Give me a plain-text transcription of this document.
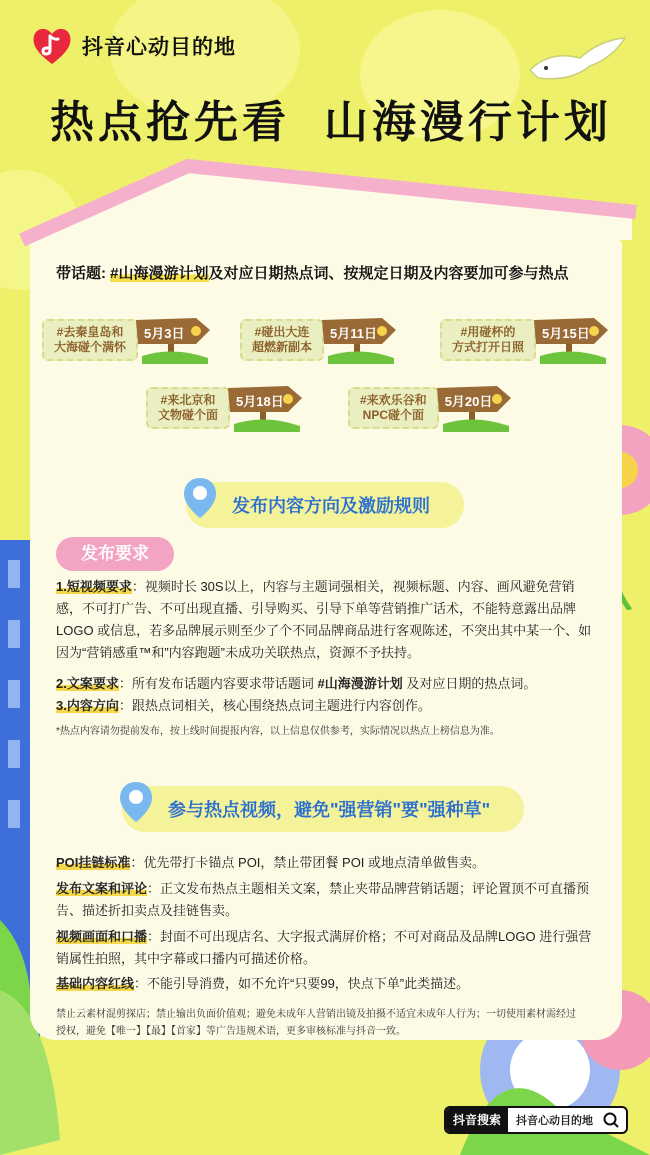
抖音心动目的地
热点抢先看 山海漫行计划
带话题: #山海漫游计划及对应日期热点词、按规定日期及内容要加可参与热点
#去秦皇岛和
大海碰个满怀
5月3日	#碰出大连
超燃新副本
5月11日	#用碰杯的
方式打开日照
5月15日
#来北京和
文物碰个面
5月18日	#来欢乐谷和
NPC碰个面
5月20日
发布内容方向及激励规则
发布要求
1.短视频要求：视频时长 30S以上，内容与主题词强相关，视频标题、内容、画风避免营销感，不可打广告、不可出现直播、引导购买、引导下单等营销推广话术，不能特意露出品牌LOGO 或信息，若多品牌展示则至少了个不同品牌商品进行客观陈述，不突出其中某一个、如因为“营销感重™和”内容跑题”未成功关联热点，资源不予扶持。
2.文案要求：所有发布话题内容要求带话题词 #山海漫游计划 及对应日期的热点词。
3.内容方向：跟热点词相关，核心围绕热点词主题进行内容创作。
*热点内容请勿提前发布，按上线时间提报内容，以上信息仅供参考，实际情况以热点上榜信息为准。
参与热点视频，避免"强营销"要"强种草"
POI挂链标准：优先带打卡锚点 POI，禁止带团餐 POI 或地点清单做售卖。
发布文案和评论：正文发布热点主题相关文案，禁止夹带品牌营销话题；评论置顶不可直播预告、描述折扣卖点及挂链售卖。
视频画面和口播：封面不可出现店名、大字报式满屏价格；不可对商品及品牌LOGO 进行强营销属性拍照，其中字幕或口播内可描述价格。
基础内容红线：不能引导消费，如不允许“只要99，快点下单”此类描述。
禁止云素材混剪探店；禁止输出负面价值观；避免未成年人营销出镜及拍摄不适宜未成年人行为；一切使用素材需经过授权，避免【唯一】【最】【首家】等广告违规术语，更多审核标准与抖音一致。
抖音搜索	抖音心动目的地
